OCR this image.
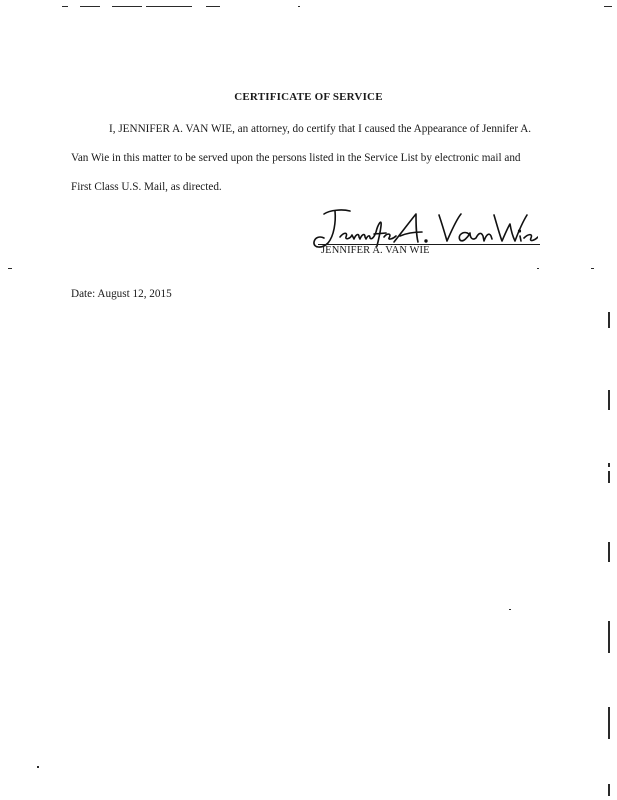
CERTIFICATE OF SERVICE

I, JENNIFER A. VAN WIE, an attorney, do certify that I caused the Appearance of Jennifer A. Van Wie in this matter to be served upon the persons listed in the Service List by electronic mail and First Class U.S. Mail, as directed.

JENNIFER A. VAN WIE

Date: August 12, 2015
